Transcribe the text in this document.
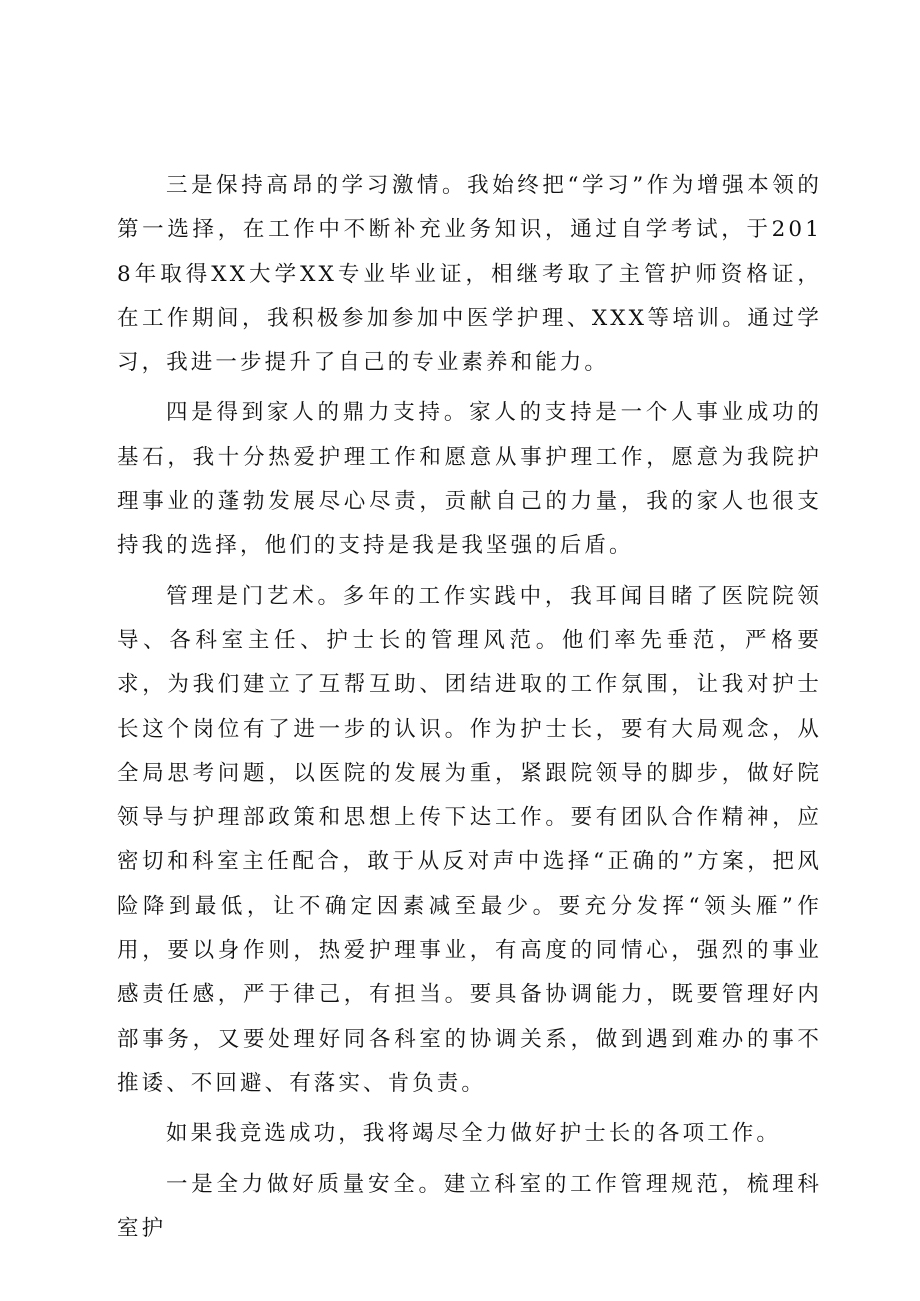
三是保持高昂的学习激情。我始终把“学习”作为增强本领的第一选择，在工作中不断补充业务知识，通过自学考试，于2018年取得XX大学XX专业毕业证，相继考取了主管护师资格证，在工作期间，我积极参加参加中医学护理、XXX等培训。通过学习，我进一步提升了自己的专业素养和能力。

四是得到家人的鼎力支持。家人的支持是一个人事业成功的基石，我十分热爱护理工作和愿意从事护理工作，愿意为我院护理事业的蓬勃发展尽心尽责，贡献自己的力量，我的家人也很支持我的选择，他们的支持是我是我坚强的后盾。

管理是门艺术。多年的工作实践中，我耳闻目睹了医院院领导、各科室主任、护士长的管理风范。他们率先垂范，严格要求，为我们建立了互帮互助、团结进取的工作氛围，让我对护士长这个岗位有了进一步的认识。作为护士长，要有大局观念，从全局思考问题，以医院的发展为重，紧跟院领导的脚步，做好院领导与护理部政策和思想上传下达工作。要有团队合作精神，应密切和科室主任配合，敢于从反对声中选择“正确的”方案，把风险降到最低，让不确定因素减至最少。要充分发挥“领头雁”作用，要以身作则，热爱护理事业，有高度的同情心，强烈的事业感责任感，严于律己，有担当。要具备协调能力，既要管理好内部事务，又要处理好同各科室的协调关系，做到遇到难办的事不推诿、不回避、有落实、肯负责。

如果我竞选成功，我将竭尽全力做好护士长的各项工作。

一是全力做好质量安全。建立科室的工作管理规范，梳理科室护
